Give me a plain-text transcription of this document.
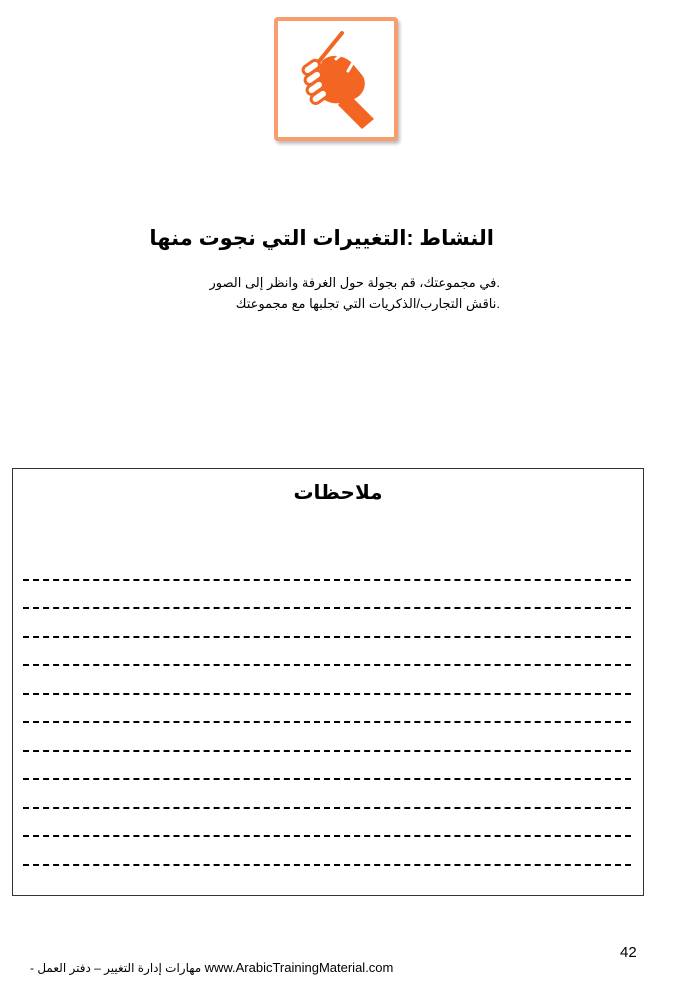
النشاط :التغييرات التي نجوت منها
.في مجموعتك، قم بجولة حول الغرفة وانظر إلى الصور
.ناقش التجارب/الذكريات التي تجلبها مع مجموعتك
ملاحظات
42
- مهارات إدارة التغيير – دفتر العمل www.ArabicTrainingMaterial.com
